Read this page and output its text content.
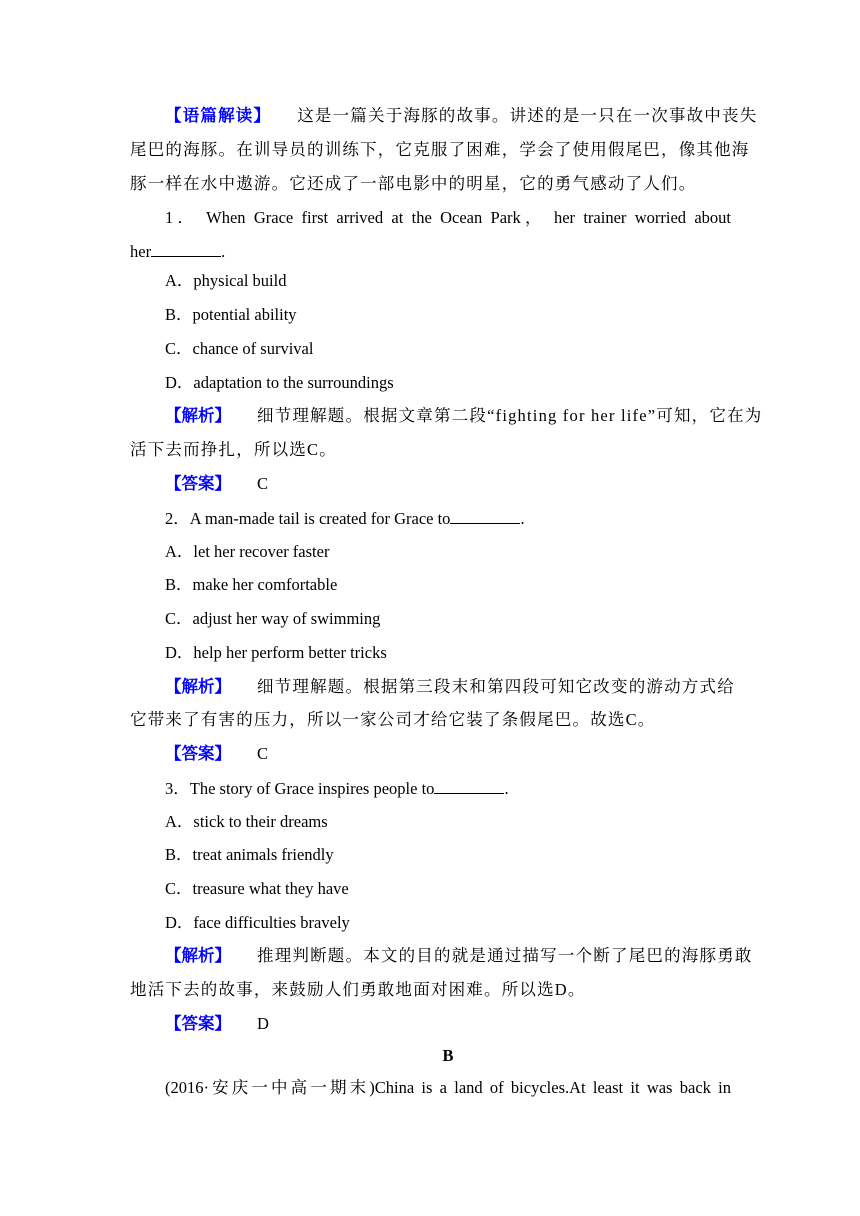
【语篇解读】 这是一篇关于海豚的故事。讲述的是一只在一次事故中丧失
尾巴的海豚。在训导员的训练下，它克服了困难，学会了使用假尾巴，像其他海
豚一样在水中遨游。它还成了一部电影中的明星，它的勇气感动了人们。
1． When Grace first arrived at the Ocean Park， her trainer worried about
her	.
A．physical build
B．potential ability
C．chance of survival
D．adaptation to the surroundings
【解析】 细节理解题。根据文章第二段“fighting for her life”可知，它在为
活下去而挣扎，所以选C。
【答案】 C
2．A man-made tail is created for Grace to	.
A．let her recover faster
B．make her comfortable
C．adjust her way of swimming
D．help her perform better tricks
【解析】 细节理解题。根据第三段末和第四段可知它改变的游动方式给
它带来了有害的压力，所以一家公司才给它装了条假尾巴。故选C。
【答案】 C
3．The story of Grace inspires people to	.
A．stick to their dreams
B．treat animals friendly
C．treasure what they have
D．face difficulties bravely
【解析】 推理判断题。本文的目的就是通过描写一个断了尾巴的海豚勇敢
地活下去的故事，来鼓励人们勇敢地面对困难。所以选D。
【答案】 D
B
(2016·安庆一中高一期末)China is a land of bicycles.At least it was back in
